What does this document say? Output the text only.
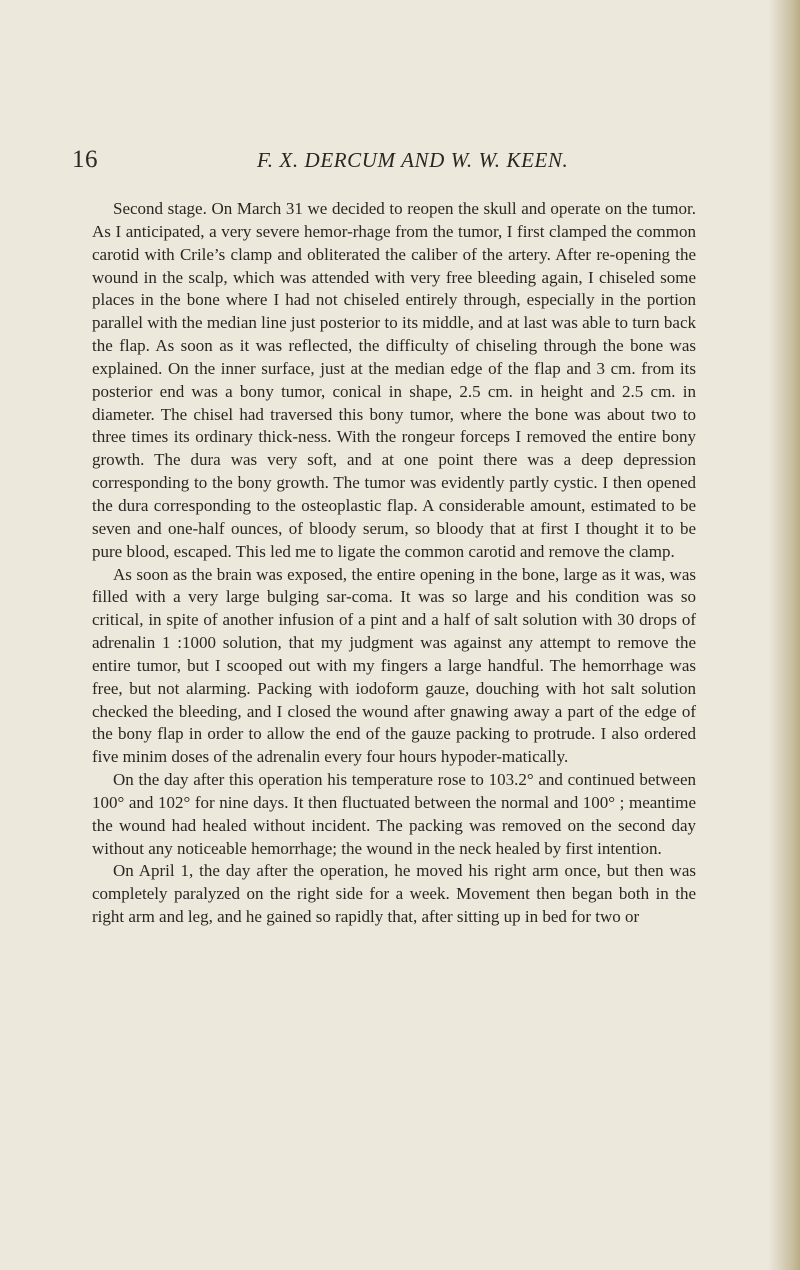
16	F. X. DERCUM AND W. W. KEEN.

Second stage. On March 31 we decided to reopen the skull and operate on the tumor. As I anticipated, a very severe hemor-rhage from the tumor, I first clamped the common carotid with Crile’s clamp and obliterated the caliber of the artery. After re-opening the wound in the scalp, which was attended with very free bleeding again, I chiseled some places in the bone where I had not chiseled entirely through, especially in the portion parallel with the median line just posterior to its middle, and at last was able to turn back the flap. As soon as it was reflected, the difficulty of chiseling through the bone was explained. On the inner surface, just at the median edge of the flap and 3 cm. from its posterior end was a bony tumor, conical in shape, 2.5 cm. in height and 2.5 cm. in diameter. The chisel had traversed this bony tumor, where the bone was about two to three times its ordinary thick-ness. With the rongeur forceps I removed the entire bony growth. The dura was very soft, and at one point there was a deep depression corresponding to the bony growth. The tumor was evidently partly cystic. I then opened the dura corresponding to the osteoplastic flap. A considerable amount, estimated to be seven and one-half ounces, of bloody serum, so bloody that at first I thought it to be pure blood, escaped. This led me to ligate the common carotid and remove the clamp.

As soon as the brain was exposed, the entire opening in the bone, large as it was, was filled with a very large bulging sar-coma. It was so large and his condition was so critical, in spite of another infusion of a pint and a half of salt solution with 30 drops of adrenalin 1 :1000 solution, that my judgment was against any attempt to remove the entire tumor, but I scooped out with my fingers a large handful. The hemorrhage was free, but not alarming. Packing with iodoform gauze, douching with hot salt solution checked the bleeding, and I closed the wound after gnawing away a part of the edge of the bony flap in order to allow the end of the gauze packing to protrude. I also ordered five minim doses of the adrenalin every four hours hypoder-matically.

On the day after this operation his temperature rose to 103.2° and continued between 100° and 102° for nine days. It then fluctuated between the normal and 100° ; meantime the wound had healed without incident. The packing was removed on the second day without any noticeable hemorrhage; the wound in the neck healed by first intention.

On April 1, the day after the operation, he moved his right arm once, but then was completely paralyzed on the right side for a week. Movement then began both in the right arm and leg, and he gained so rapidly that, after sitting up in bed for two or
